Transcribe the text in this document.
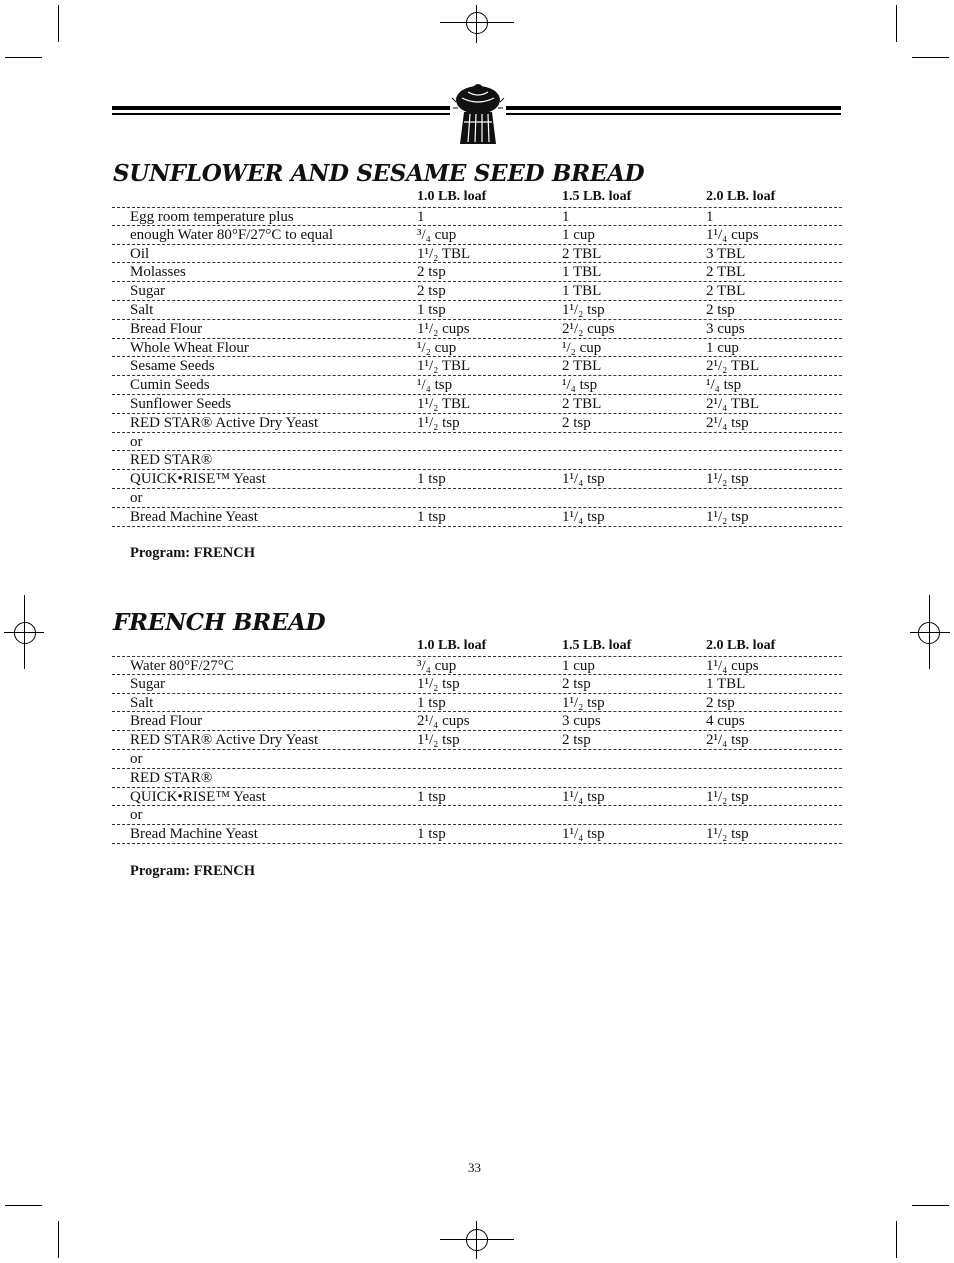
SUNFLOWER AND SESAME SEED BREAD
1.0 LB. loaf	1.5 LB. loaf	2.0 LB. loaf
Egg room temperature plus	1	1	1
enough Water 80°F/27°C to equal	³/₄ cup	1 cup	1¹/₄ cups
Oil	1¹/₂ TBL	2 TBL	3 TBL
Molasses	2 tsp	1 TBL	2 TBL
Sugar	2 tsp	1 TBL	2 TBL
Salt	1 tsp	1¹/₂ tsp	2 tsp
Bread Flour	1¹/₂ cups	2¹/₂ cups	3 cups
Whole Wheat Flour	¹/₂ cup	¹/₂ cup	1 cup
Sesame Seeds	1¹/₂ TBL	2 TBL	2¹/₂ TBL
Cumin Seeds	¹/₄ tsp	¹/₄ tsp	¹/₄ tsp
Sunflower Seeds	1¹/₂ TBL	2 TBL	2¹/₄ TBL
RED STAR® Active Dry Yeast	1¹/₂ tsp	2 tsp	2¹/₄ tsp
or
RED STAR®
QUICK•RISE™ Yeast	1 tsp	1¹/₄ tsp	1¹/₂ tsp
or
Bread Machine Yeast	1 tsp	1¹/₄ tsp	1¹/₂ tsp
Program: FRENCH
FRENCH BREAD
1.0 LB. loaf	1.5 LB. loaf	2.0 LB. loaf
Water 80°F/27°C	³/₄ cup	1 cup	1¹/₄ cups
Sugar	1¹/₂ tsp	2 tsp	1 TBL
Salt	1 tsp	1¹/₂ tsp	2 tsp
Bread Flour	2¹/₄ cups	3 cups	4 cups
RED STAR® Active Dry Yeast	1¹/₂ tsp	2 tsp	2¹/₄ tsp
or
RED STAR®
QUICK•RISE™ Yeast	1 tsp	1¹/₄ tsp	1¹/₂ tsp
or
Bread Machine Yeast	1 tsp	1¹/₄ tsp	1¹/₂ tsp
Program: FRENCH
33
